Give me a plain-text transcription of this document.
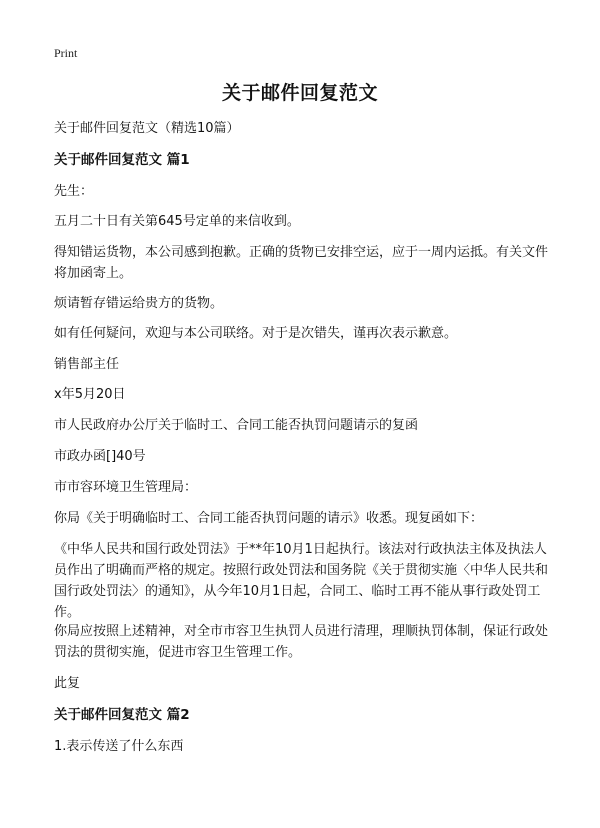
Print
关于邮件回复范文

关于邮件回复范文（精选10篇）

关于邮件回复范文 篇1

先生：

五月二十日有关第645号定单的来信收到。

得知错运货物，本公司感到抱歉。正确的货物已安排空运，应于一周内运抵。有关文件将加函寄上。

烦请暂存错运给贵方的货物。

如有任何疑问，欢迎与本公司联络。对于是次错失，谨再次表示歉意。

销售部主任

x年5月20日

市人民政府办公厅关于临时工、合同工能否执罚问题请示的复函

市政办函[]40号

市市容环境卫生管理局：

你局《关于明确临时工、合同工能否执罚问题的请示》收悉。现复函如下：

《中华人民共和国行政处罚法》于**年10月1日起执行。该法对行政执法主体及执法人员作出了明确而严格的规定。按照行政处罚法和国务院《关于贯彻实施〈中华人民共和国行政处罚法〉的通知》，从今年10月1日起，合同工、临时工再不能从事行政处罚工作。

你局应按照上述精神，对全市市容卫生执罚人员进行清理，理顺执罚体制，保证行政处罚法的贯彻实施，促进市容卫生管理工作。

此复

关于邮件回复范文 篇2

1.表示传送了什么东西
